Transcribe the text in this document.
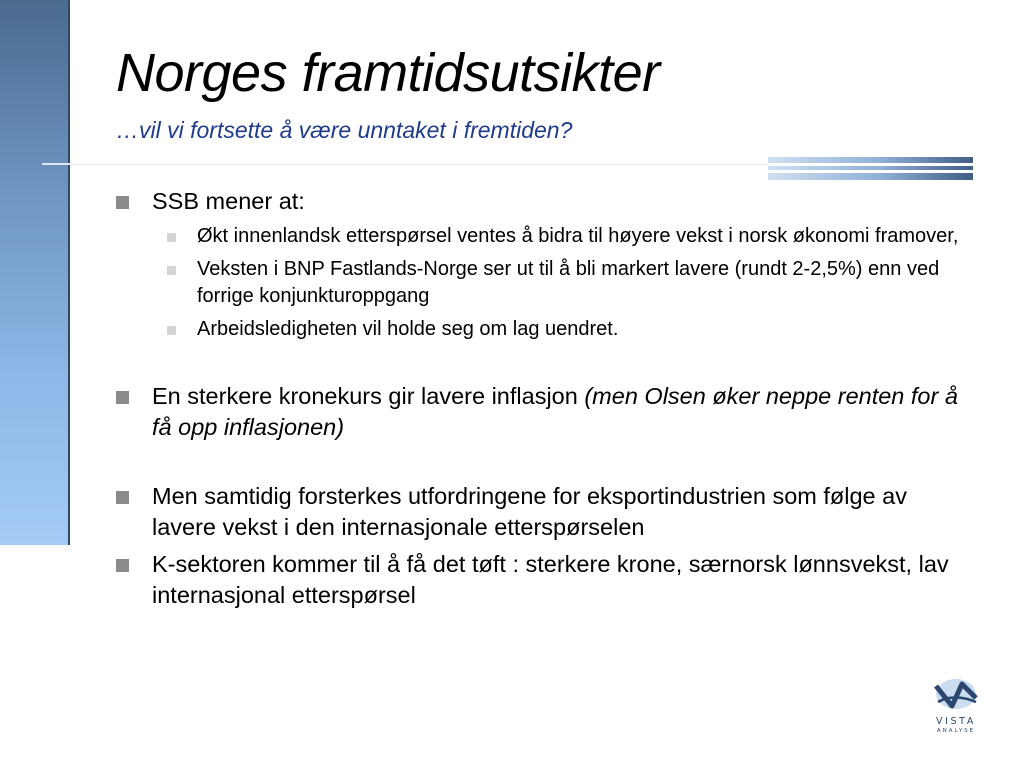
Norges framtidsutsikter

…vil vi fortsette å være unntaket i fremtiden?

SSB mener at:
Økt innenlandsk etterspørsel ventes å bidra til høyere vekst i norsk økonomi framover,
Veksten i BNP Fastlands-Norge ser ut til å bli markert lavere (rundt 2-2,5%) enn ved forrige konjunkturoppgang
Arbeidsledigheten vil holde seg om lag uendret.
En sterkere kronekurs gir lavere inflasjon (men Olsen øker neppe renten for å få opp inflasjonen)
Men samtidig forsterkes utfordringene for eksportindustrien som følge av lavere vekst i den internasjonale etterspørselen
K-sektoren kommer til å få det tøft : sterkere krone, særnorsk lønnsvekst, lav internasjonal etterspørsel
VISTA
ANALYSE
